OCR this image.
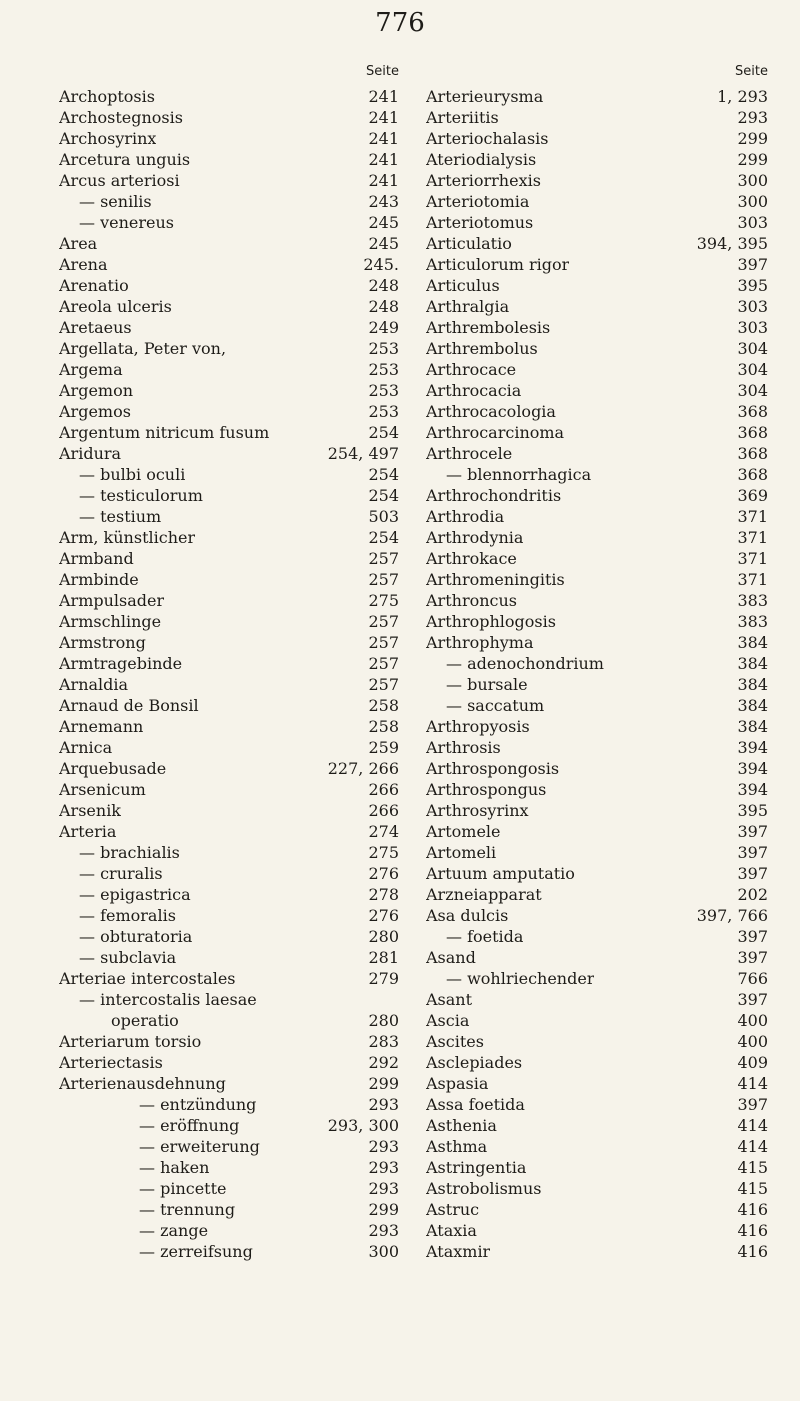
776
Seite
Archoptosis	241
Archostegnosis	241
Archosyrinx	241
Arcetura unguis	241
Arcus arteriosi	241
— senilis	243
— venereus	245
Area	245
Arena	245.
Arenatio	248
Areola ulceris	248
Aretaeus	249
Argellata, Peter von,	253
Argema	253
Argemon	253
Argemos	253
Argentum nitricum fusum	254
Aridura	254, 497
— bulbi oculi	254
— testiculorum	254
— testium	503
Arm, künstlicher	254
Armband	257
Armbinde	257
Armpulsader	275
Armschlinge	257
Armstrong	257
Armtragebinde	257
Arnaldia	257
Arnaud de Bonsil	258
Arnemann	258
Arnica	259
Arquebusade	227, 266
Arsenicum	266
Arsenik	266
Arteria	274
— brachialis	275
— cruralis	276
— epigastrica	278
— femoralis	276
— obturatoria	280
— subclavia	281
Arteriae intercostales	279
— intercostalis laesae
operatio	280
Arteriarum torsio	283
Arteriectasis	292
Arterienausdehnung	299
— entzündung	293
— eröffnung	293, 300
— erweiterung	293
— haken	293
— pincette	293
— trennung	299
— zange	293
— zerreifsung	300
Seite
Arterieurysma	1, 293
Arteriitis	293
Arteriochalasis	299
Ateriodialysis	299
Arteriorrhexis	300
Arteriotomia	300
Arteriotomus	303
Articulatio	394, 395
Articulorum rigor	397
Articulus	395
Arthralgia	303
Arthrembolesis	303
Arthrembolus	304
Arthrocace	304
Arthrocacia	304
Arthrocacologia	368
Arthrocarcinoma	368
Arthrocele	368
— blennorrhagica	368
Arthrochondritis	369
Arthrodia	371
Arthrodynia	371
Arthrokace	371
Arthromeningitis	371
Arthroncus	383
Arthrophlogosis	383
Arthrophyma	384
— adenochondrium	384
— bursale	384
— saccatum	384
Arthropyosis	384
Arthrosis	394
Arthrospongosis	394
Arthrospongus	394
Arthrosyrinx	395
Artomele	397
Artomeli	397
Artuum amputatio	397
Arzneiapparat	202
Asa dulcis	397, 766
— foetida	397
Asand	397
— wohlriechender	766
Asant	397
Ascia	400
Ascites	400
Asclepiades	409
Aspasia	414
Assa foetida	397
Asthenia	414
Asthma	414
Astringentia	415
Astrobolismus	415
Astruc	416
Ataxia	416
Ataxmir	416
